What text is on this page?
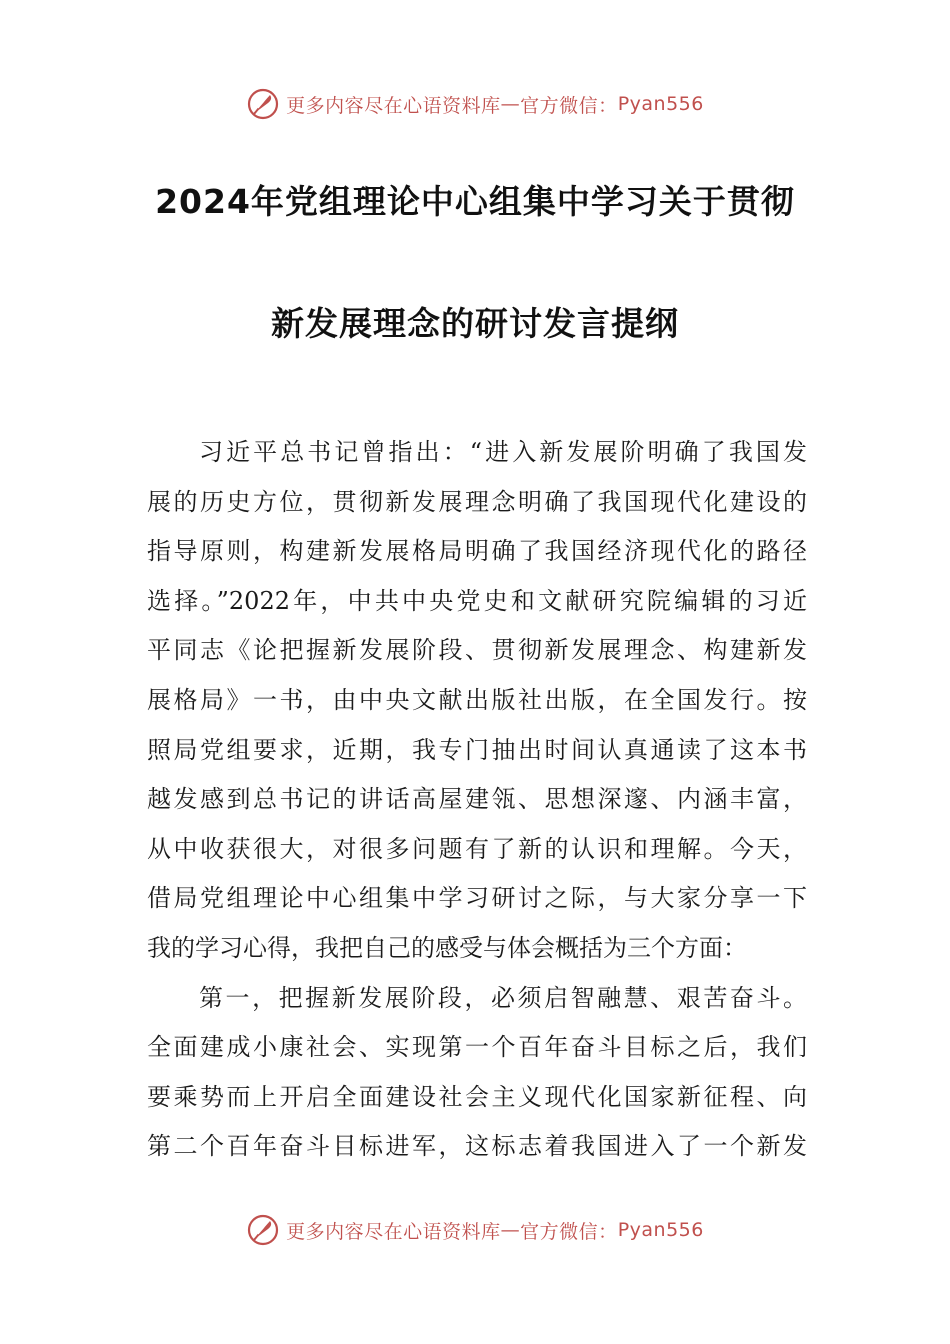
更多内容尽在心语资料库 — 官方微信： Pyan556
2024年党组理论中心组集中学习关于贯彻
新发展理念的研讨发言提纲
习近平总书记曾指出：“进入新发展阶明确了我国发
展的历史方位，贯彻新发展理念明确了我国现代化建设的
指导原则，构建新发展格局明确了我国经济现代化的路径
选择。”2022年，中共中央党史和文献研究院编辑的习近
平同志《论把握新发展阶段、贯彻新发展理念、构建新发
展格局》一书，由中央文献出版社出版，在全国发行。按
照局党组要求，近期，我专门抽出时间认真通读了这本书
越发感到总书记的讲话高屋建瓴、思想深邃、内涵丰富，
从中收获很大，对很多问题有了新的认识和理解。今天，
借局党组理论中心组集中学习研讨之际，与大家分享一下
我的学习心得，我把自己的感受与体会概括为三个方面：
第一，把握新发展阶段，必须启智融慧、艰苦奋斗。
全面建成小康社会、实现第一个百年奋斗目标之后，我们
要乘势而上开启全面建设社会主义现代化国家新征程、向
第二个百年奋斗目标进军，这标志着我国进入了一个新发
更多内容尽在心语资料库 — 官方微信： Pyan556
